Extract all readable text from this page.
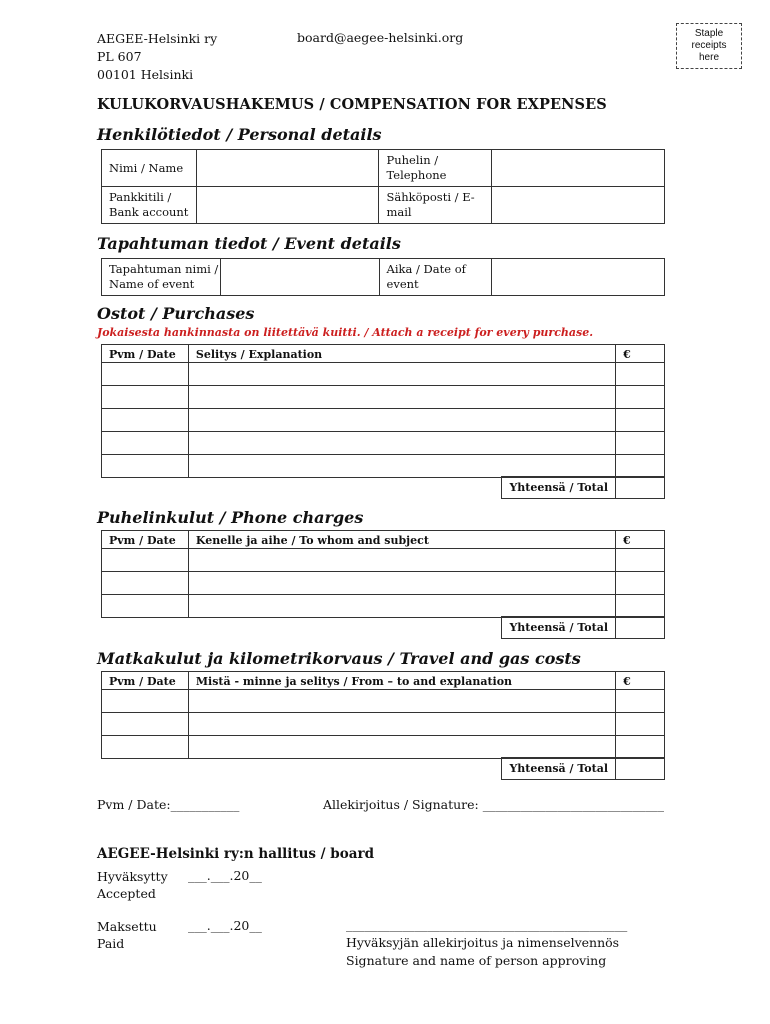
AEGEE-Helsinki ry
PL 607
00101 Helsinki
board@aegee-helsinki.org	Staple
receipts
here
KULUKORVAUSHAKEMUS / COMPENSATION FOR EXPENSES
Henkilötiedot / Personal details
Nimi / Name		Puhelin / Telephone	

Pankkitili /
Bank account		Sähköposti / E-mail	
Tapahtuman tiedot / Event details
Tapahtuman nimi /
Name of event
		Aika / Date of event	
Ostot / Purchases
Jokaisesta hankinnasta on liitettävä kuitti. / Attach a receipt for every purchase.
Pvm / Date	Selitys / Explanation	€

Yhteensä / Total	
Puhelinkulut / Phone charges
Pvm / Date	Kenelle ja aihe / To whom and subject	€

Yhteensä / Total	
Matkakulut ja kilometrikorvaus / Travel and gas costs
Pvm / Date	Mistä - minne ja selitys / From – to and explanation	€

Yhteensä / Total	
Pvm / Date:___________	Allekirjoitus / Signature: _____________________________
AEGEE-Helsinki ry:n hallitus / board
Hyväksytty
Accepted
___.___.20__
Maksettu
Paid
___.___.20__	_____________________________________________
Hyväksyjän allekirjoitus ja nimenselvennös
Signature and name of person approving
